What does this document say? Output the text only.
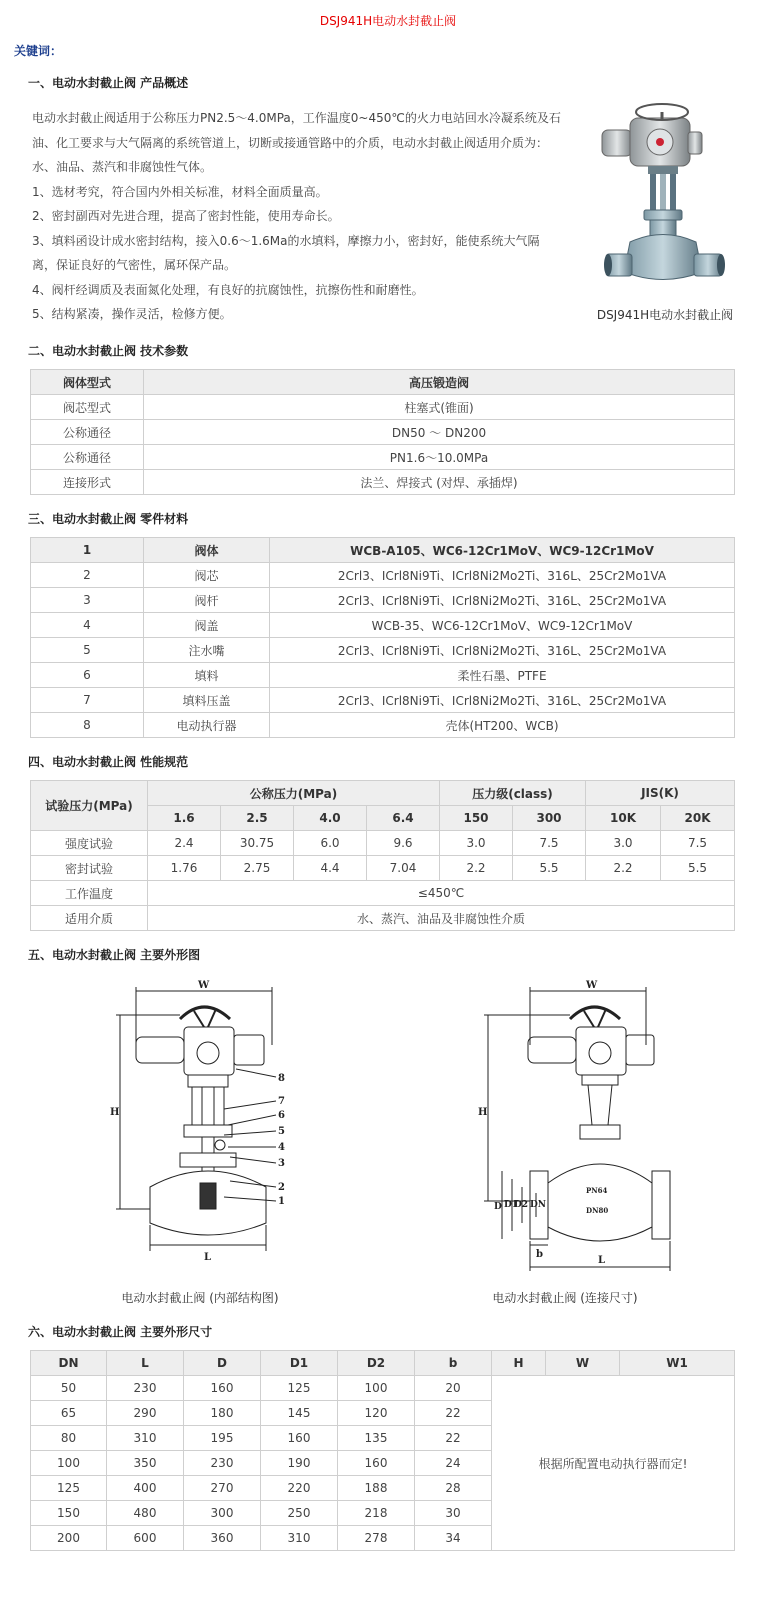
DSJ941H电动水封截止阀
关键词：
一、电动水封截止阀 产品概述

电动水封截止阀适用于公称压力PN2.5～4.0MPa，工作温度0~450℃的火力电站回水冷凝系统及石油、化工要求与大气隔离的系统管道上，切断或接通管路中的介质，电动水封截止阀适用介质为：水、油品、蒸汽和非腐蚀性气体。

1、选材考究，符合国内外相关标准，材料全面质量高。

2、密封副西对先进合理，提高了密封性能，使用寿命长。

3、填料函设计成水密封结构，接入0.6～1.6Ma的水填料，摩擦力小，密封好，能使系统大气隔离，保证良好的气密性，属环保产品。

4、阀杆经调质及表面氮化处理，有良好的抗腐蚀性，抗擦伤性和耐磨性。

5、结构紧凑，操作灵活，检修方便。	DSJ941H电动水封截止阀
二、电动水封截止阀 技术参数
阀体型式	高压锻造阀
阀芯型式	柱塞式(锥面)
公称通径	DN50 ～ DN200
公称通径	PN1.6～10.0MPa
连接形式	法兰、焊接式 (对焊、承插焊)
三、电动水封截止阀 零件材料
1	阀体	WCB-A105、WC6-12Cr1MoV、WC9-12Cr1MoV
2	阀芯	2Crl3、ICrl8Ni9Ti、ICrl8Ni2Mo2Ti、316L、25Cr2Mo1VA
3	阀杆	2Crl3、ICrl8Ni9Ti、ICrl8Ni2Mo2Ti、316L、25Cr2Mo1VA
4	阀盖	WCB-35、WC6-12Cr1MoV、WC9-12Cr1MoV
5	注水嘴	2Crl3、ICrl8Ni9Ti、ICrl8Ni2Mo2Ti、316L、25Cr2Mo1VA
6	填料	柔性石墨、PTFE
7	填料压盖	2Crl3、ICrl8Ni9Ti、ICrl8Ni2Mo2Ti、316L、25Cr2Mo1VA
8	电动执行器	壳体(HT200、WCB)
四、电动水封截止阀 性能规范
试验压力(MPa)	公称压力(MPa)				压力级(class)		JIS(K)	
	1.6	2.5	4.0	6.4	150	300	10K	20K
强度试验	2.4	30.75	6.0	9.6	3.0	7.5	3.0	7.5
密封试验	1.76	2.75	4.4	7.04	2.2	5.5	2.2	5.5
工作温度	≤450℃							
适用介质	水、蒸汽、油品及非腐蚀性介质							
五、电动水封截止阀 主要外形图
W
H
L
8
7
6
5
4
3
2
1
电动水封截止阀 (内部结构图)
W
H
PN64
DN80
D D1
D2 DN
b
L
电动水封截止阀 (连接尺寸)
六、电动水封截止阀 主要外形尺寸
DN	L	D	D1	D2	b	H	W	W1
50	230	160	125	100	20	根据所配置电动执行器而定!		
65	290	180	145	120	22			
80	310	195	160	135	22			
100	350	230	190	160	24			
125	400	270	220	188	28			
150	480	300	250	218	30			
200	600	360	310	278	34			
